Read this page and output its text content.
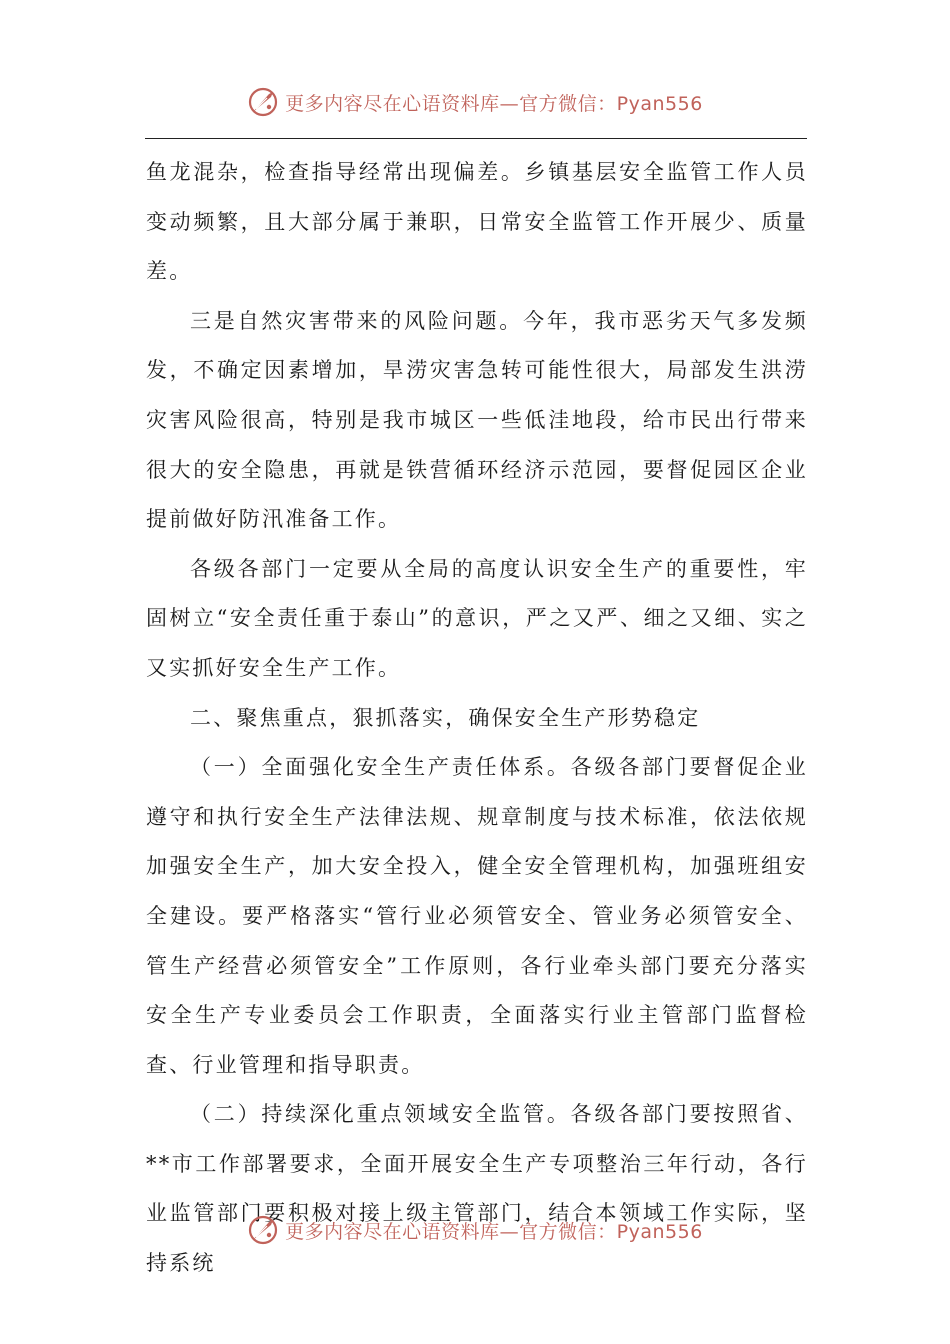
更多内容尽在心语资料库—官方微信：Pyan556

鱼龙混杂，检查指导经常出现偏差。乡镇基层安全监管工作人员变动频繁，且大部分属于兼职，日常安全监管工作开展少、质量差。

三是自然灾害带来的风险问题。今年，我市恶劣天气多发频发，不确定因素增加，旱涝灾害急转可能性很大，局部发生洪涝灾害风险很高，特别是我市城区一些低洼地段，给市民出行带来很大的安全隐患，再就是铁营循环经济示范园，要督促园区企业提前做好防汛准备工作。

各级各部门一定要从全局的高度认识安全生产的重要性，牢固树立“安全责任重于泰山”的意识，严之又严、细之又细、实之又实抓好安全生产工作。

二、聚焦重点，狠抓落实，确保安全生产形势稳定

（一）全面强化安全生产责任体系。各级各部门要督促企业遵守和执行安全生产法律法规、规章制度与技术标准，依法依规加强安全生产，加大安全投入，健全安全管理机构，加强班组安全建设。要严格落实“管行业必须管安全、管业务必须管安全、管生产经营必须管安全”工作原则，各行业牵头部门要充分落实安全生产专业委员会工作职责，全面落实行业主管部门监督检查、行业管理和指导职责。

（二）持续深化重点领域安全监管。各级各部门要按照省、**市工作部署要求，全面开展安全生产专项整治三年行动，各行业监管部门要积极对接上级主管部门，结合本领域工作实际，坚持系统

更多内容尽在心语资料库—官方微信：Pyan556
